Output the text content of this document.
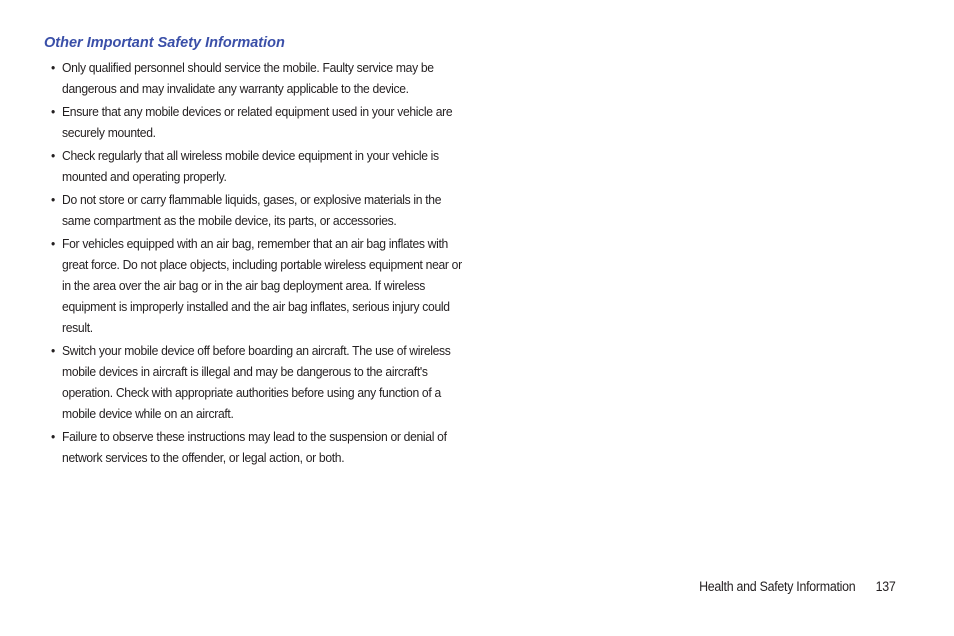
Other Important Safety Information
• Only qualified personnel should service the mobile. Faulty service may be dangerous and may invalidate any warranty applicable to the device.
• Ensure that any mobile devices or related equipment used in your vehicle are securely mounted.
• Check regularly that all wireless mobile device equipment in your vehicle is mounted and operating properly.
• Do not store or carry flammable liquids, gases, or explosive materials in the same compartment as the mobile device, its parts, or accessories.
• For vehicles equipped with an air bag, remember that an air bag inflates with great force. Do not place objects, including portable wireless equipment near or in the area over the air bag or in the air bag deployment area. If wireless equipment is improperly installed and the air bag inflates, serious injury could result.
• Switch your mobile device off before boarding an aircraft. The use of wireless mobile devices in aircraft is illegal and may be dangerous to the aircraft's operation. Check with appropriate authorities before using any function of a mobile device while on an aircraft.
• Failure to observe these instructions may lead to the suspension or denial of network services to the offender, or legal action, or both.
Health and Safety Information 137
